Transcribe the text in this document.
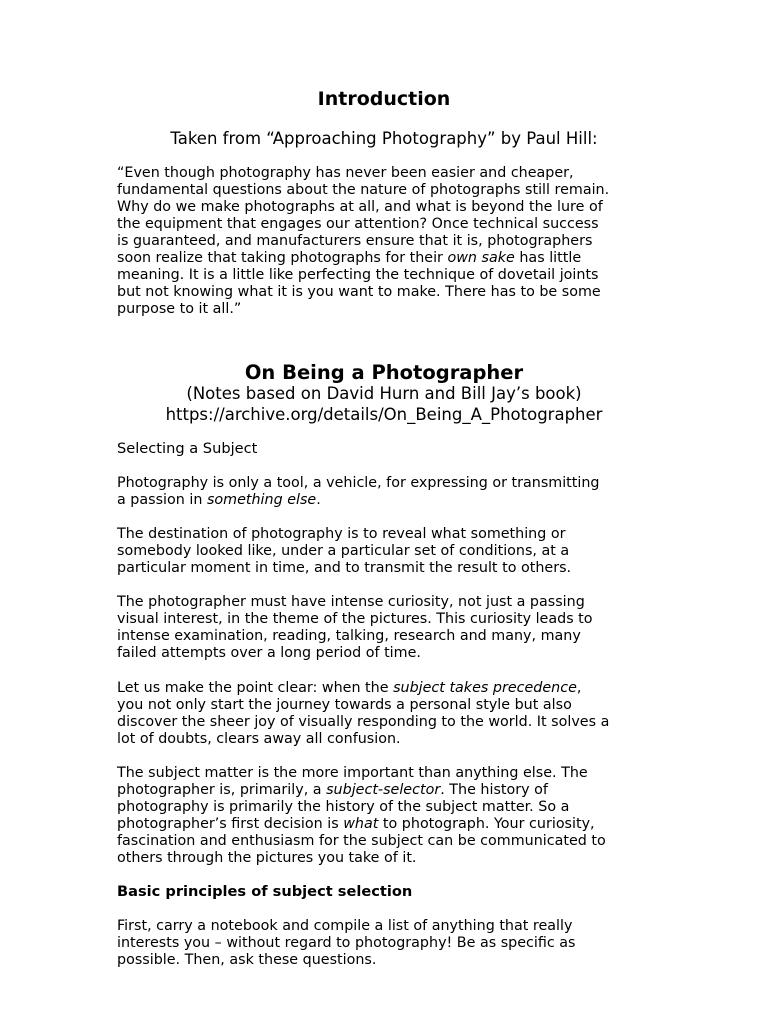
Introduction
Taken from “Approaching Photography” by Paul Hill:
“Even though photography has never been easier and cheaper,
fundamental questions about the nature of photographs still remain.
Why do we make photographs at all, and what is beyond the lure of
the equipment that engages our attention? Once technical success
is guaranteed, and manufacturers ensure that it is, photographers
soon realize that taking photographs for their own sake has little
meaning. It is a little like perfecting the technique of dovetail joints
but not knowing what it is you want to make. There has to be some
purpose to it all.”
On Being a Photographer
(Notes based on David Hurn and Bill Jay’s book)
https://archive.org/details/On_Being_A_Photographer
Selecting a Subject
Photography is only a tool, a vehicle, for expressing or transmitting
a passion in something else.
The destination of photography is to reveal what something or
somebody looked like, under a particular set of conditions, at a
particular moment in time, and to transmit the result to others.
The photographer must have intense curiosity, not just a passing
visual interest, in the theme of the pictures. This curiosity leads to
intense examination, reading, talking, research and many, many
failed attempts over a long period of time.
Let us make the point clear: when the subject takes precedence,
you not only start the journey towards a personal style but also
discover the sheer joy of visually responding to the world. It solves a
lot of doubts, clears away all confusion.
The subject matter is the more important than anything else. The
photographer is, primarily, a subject-selector. The history of
photography is primarily the history of the subject matter. So a
photographer’s first decision is what to photograph. Your curiosity,
fascination and enthusiasm for the subject can be communicated to
others through the pictures you take of it.
Basic principles of subject selection
First, carry a notebook and compile a list of anything that really
interests you – without regard to photography! Be as specific as
possible. Then, ask these questions.
